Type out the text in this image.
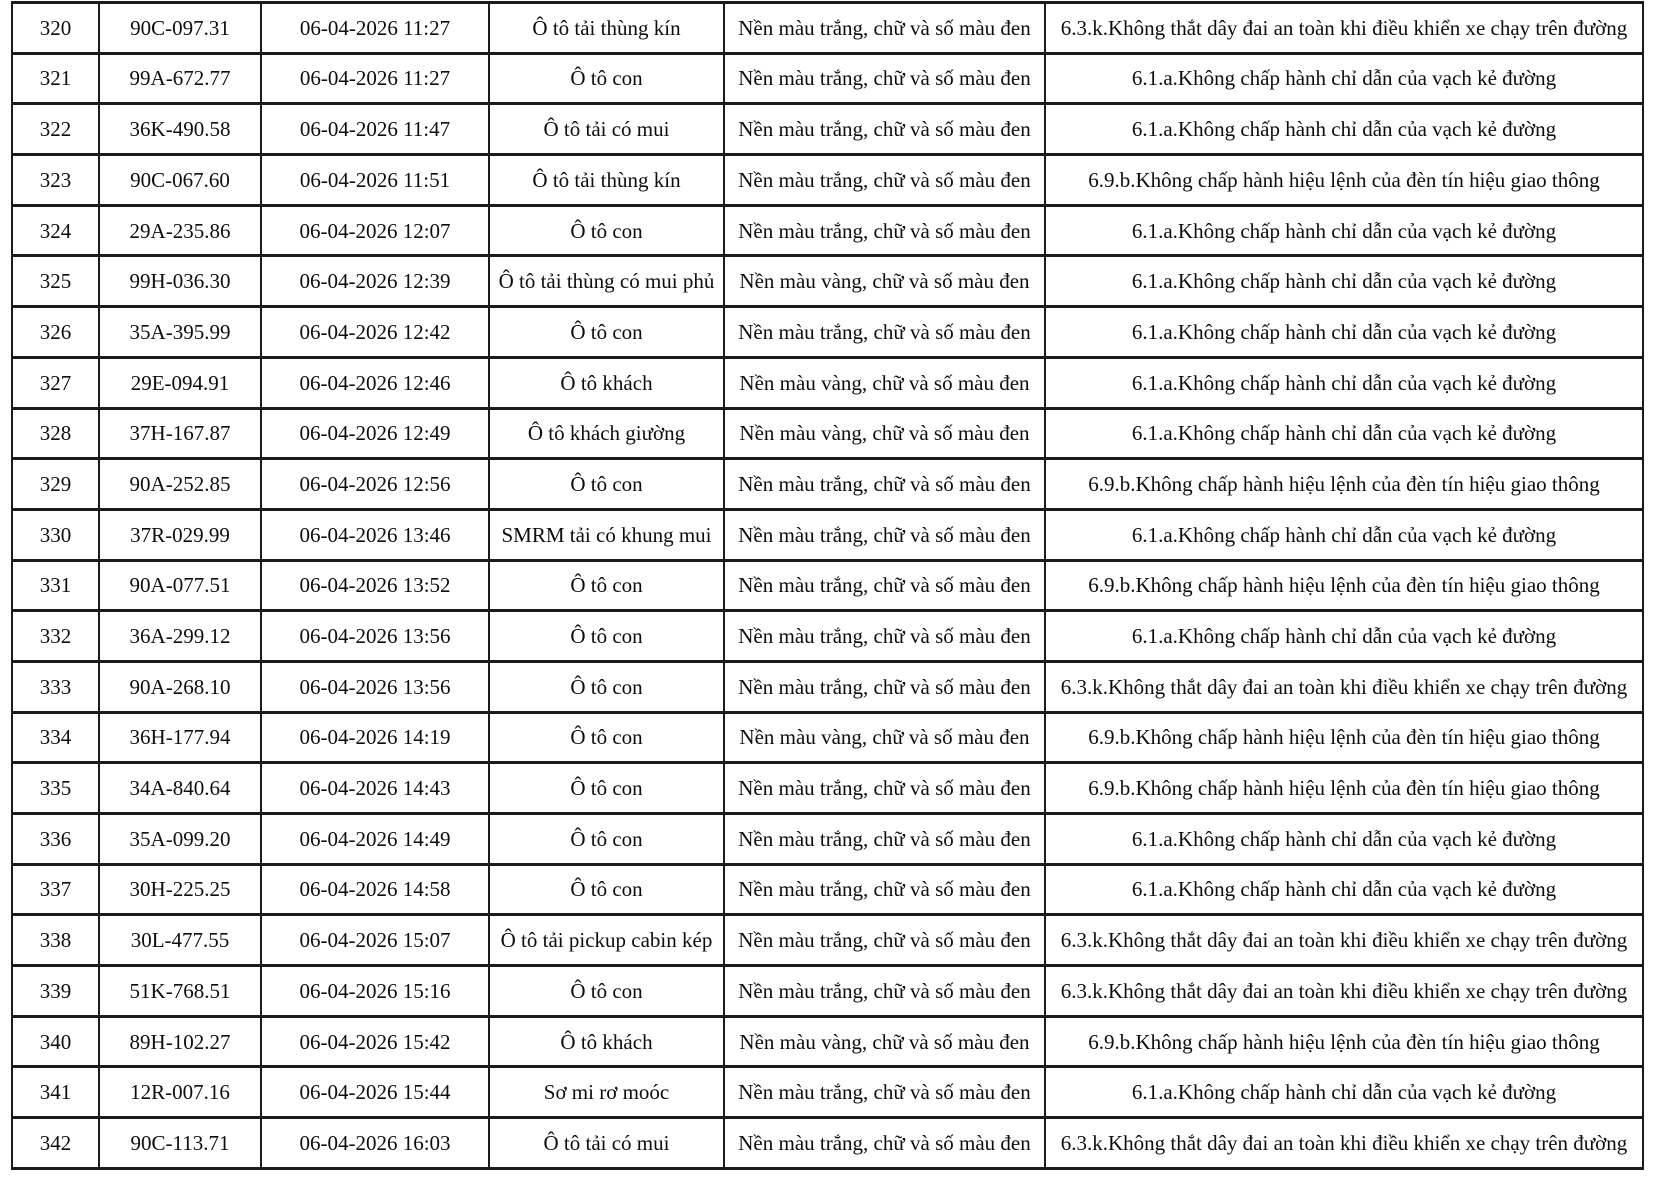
320	90C-097.31	06-04-2026 11:27	Ô tô tải thùng kín	Nền màu trắng, chữ và số màu đen	6.3.k.Không thắt dây đai an toàn khi điều khiển xe chạy trên đường
321	99A-672.77	06-04-2026 11:27	Ô tô con	Nền màu trắng, chữ và số màu đen	6.1.a.Không chấp hành chỉ dẫn của vạch kẻ đường
322	36K-490.58	06-04-2026 11:47	Ô tô tải có mui	Nền màu trắng, chữ và số màu đen	6.1.a.Không chấp hành chỉ dẫn của vạch kẻ đường
323	90C-067.60	06-04-2026 11:51	Ô tô tải thùng kín	Nền màu trắng, chữ và số màu đen	6.9.b.Không chấp hành hiệu lệnh của đèn tín hiệu giao thông
324	29A-235.86	06-04-2026 12:07	Ô tô con	Nền màu trắng, chữ và số màu đen	6.1.a.Không chấp hành chỉ dẫn của vạch kẻ đường
325	99H-036.30	06-04-2026 12:39	Ô tô tải thùng có mui phủ	Nền màu vàng, chữ và số màu đen	6.1.a.Không chấp hành chỉ dẫn của vạch kẻ đường
326	35A-395.99	06-04-2026 12:42	Ô tô con	Nền màu trắng, chữ và số màu đen	6.1.a.Không chấp hành chỉ dẫn của vạch kẻ đường
327	29E-094.91	06-04-2026 12:46	Ô tô khách	Nền màu vàng, chữ và số màu đen	6.1.a.Không chấp hành chỉ dẫn của vạch kẻ đường
328	37H-167.87	06-04-2026 12:49	Ô tô khách giường	Nền màu vàng, chữ và số màu đen	6.1.a.Không chấp hành chỉ dẫn của vạch kẻ đường
329	90A-252.85	06-04-2026 12:56	Ô tô con	Nền màu trắng, chữ và số màu đen	6.9.b.Không chấp hành hiệu lệnh của đèn tín hiệu giao thông
330	37R-029.99	06-04-2026 13:46	SMRM tải có khung mui	Nền màu trắng, chữ và số màu đen	6.1.a.Không chấp hành chỉ dẫn của vạch kẻ đường
331	90A-077.51	06-04-2026 13:52	Ô tô con	Nền màu trắng, chữ và số màu đen	6.9.b.Không chấp hành hiệu lệnh của đèn tín hiệu giao thông
332	36A-299.12	06-04-2026 13:56	Ô tô con	Nền màu trắng, chữ và số màu đen	6.1.a.Không chấp hành chỉ dẫn của vạch kẻ đường
333	90A-268.10	06-04-2026 13:56	Ô tô con	Nền màu trắng, chữ và số màu đen	6.3.k.Không thắt dây đai an toàn khi điều khiển xe chạy trên đường
334	36H-177.94	06-04-2026 14:19	Ô tô con	Nền màu vàng, chữ và số màu đen	6.9.b.Không chấp hành hiệu lệnh của đèn tín hiệu giao thông
335	34A-840.64	06-04-2026 14:43	Ô tô con	Nền màu trắng, chữ và số màu đen	6.9.b.Không chấp hành hiệu lệnh của đèn tín hiệu giao thông
336	35A-099.20	06-04-2026 14:49	Ô tô con	Nền màu trắng, chữ và số màu đen	6.1.a.Không chấp hành chỉ dẫn của vạch kẻ đường
337	30H-225.25	06-04-2026 14:58	Ô tô con	Nền màu trắng, chữ và số màu đen	6.1.a.Không chấp hành chỉ dẫn của vạch kẻ đường
338	30L-477.55	06-04-2026 15:07	Ô tô tải pickup cabin kép	Nền màu trắng, chữ và số màu đen	6.3.k.Không thắt dây đai an toàn khi điều khiển xe chạy trên đường
339	51K-768.51	06-04-2026 15:16	Ô tô con	Nền màu trắng, chữ và số màu đen	6.3.k.Không thắt dây đai an toàn khi điều khiển xe chạy trên đường
340	89H-102.27	06-04-2026 15:42	Ô tô khách	Nền màu vàng, chữ và số màu đen	6.9.b.Không chấp hành hiệu lệnh của đèn tín hiệu giao thông
341	12R-007.16	06-04-2026 15:44	Sơ mi rơ moóc	Nền màu trắng, chữ và số màu đen	6.1.a.Không chấp hành chỉ dẫn của vạch kẻ đường
342	90C-113.71	06-04-2026 16:03	Ô tô tải có mui	Nền màu trắng, chữ và số màu đen	6.3.k.Không thắt dây đai an toàn khi điều khiển xe chạy trên đường
